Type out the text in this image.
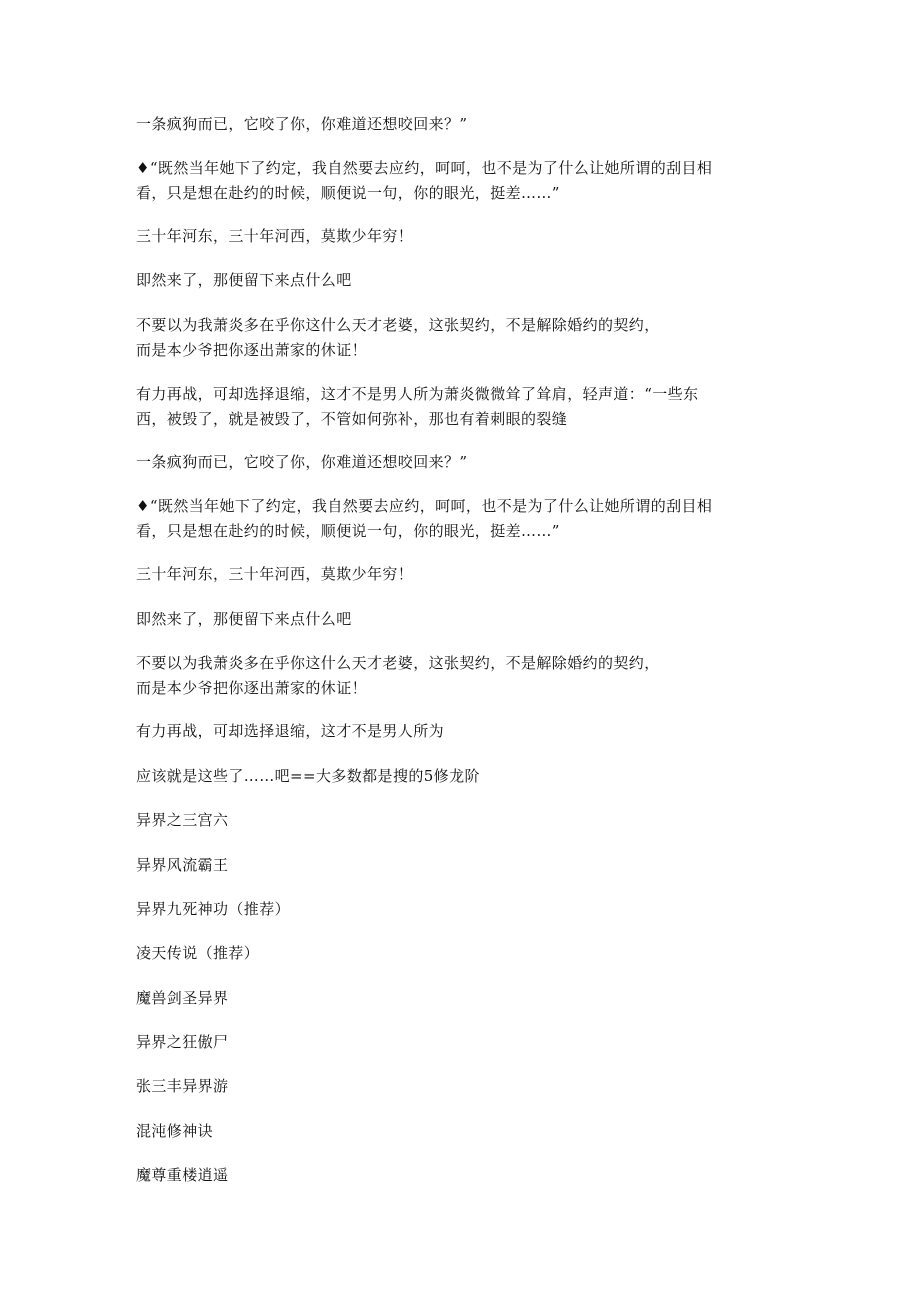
一条疯狗而已，它咬了你，你难道还想咬回来？”

♦“既然当年她下了约定，我自然要去应约，呵呵，也不是为了什么让她所谓的刮目相
看，只是想在赴约的时候，顺便说一句，你的眼光，挺差……”

三十年河东，三十年河西，莫欺少年穷！

即然来了，那便留下来点什么吧

不要以为我萧炎多在乎你这什么天才老婆，这张契约，不是解除婚约的契约，
而是本少爷把你逐出萧家的休证！

有力再战，可却选择退缩，这才不是男人所为萧炎微微耸了耸肩，轻声道：“一些东
西，被毁了，就是被毁了，不管如何弥补，那也有着刺眼的裂缝

一条疯狗而已，它咬了你，你难道还想咬回来？”

♦“既然当年她下了约定，我自然要去应约，呵呵，也不是为了什么让她所谓的刮目相
看，只是想在赴约的时候，顺便说一句，你的眼光，挺差……”

三十年河东，三十年河西，莫欺少年穷！

即然来了，那便留下来点什么吧

不要以为我萧炎多在乎你这什么天才老婆，这张契约，不是解除婚约的契约，
而是本少爷把你逐出萧家的休证！

有力再战，可却选择退缩，这才不是男人所为

应该就是这些了……吧==大多数都是搜的5修龙阶

异界之三宫六

异界风流霸王

异界九死神功（推荐）

凌天传说（推荐）

魔兽剑圣异界

异界之狂傲尸

张三丰异界游

混沌修神诀

魔尊重楼逍遥
